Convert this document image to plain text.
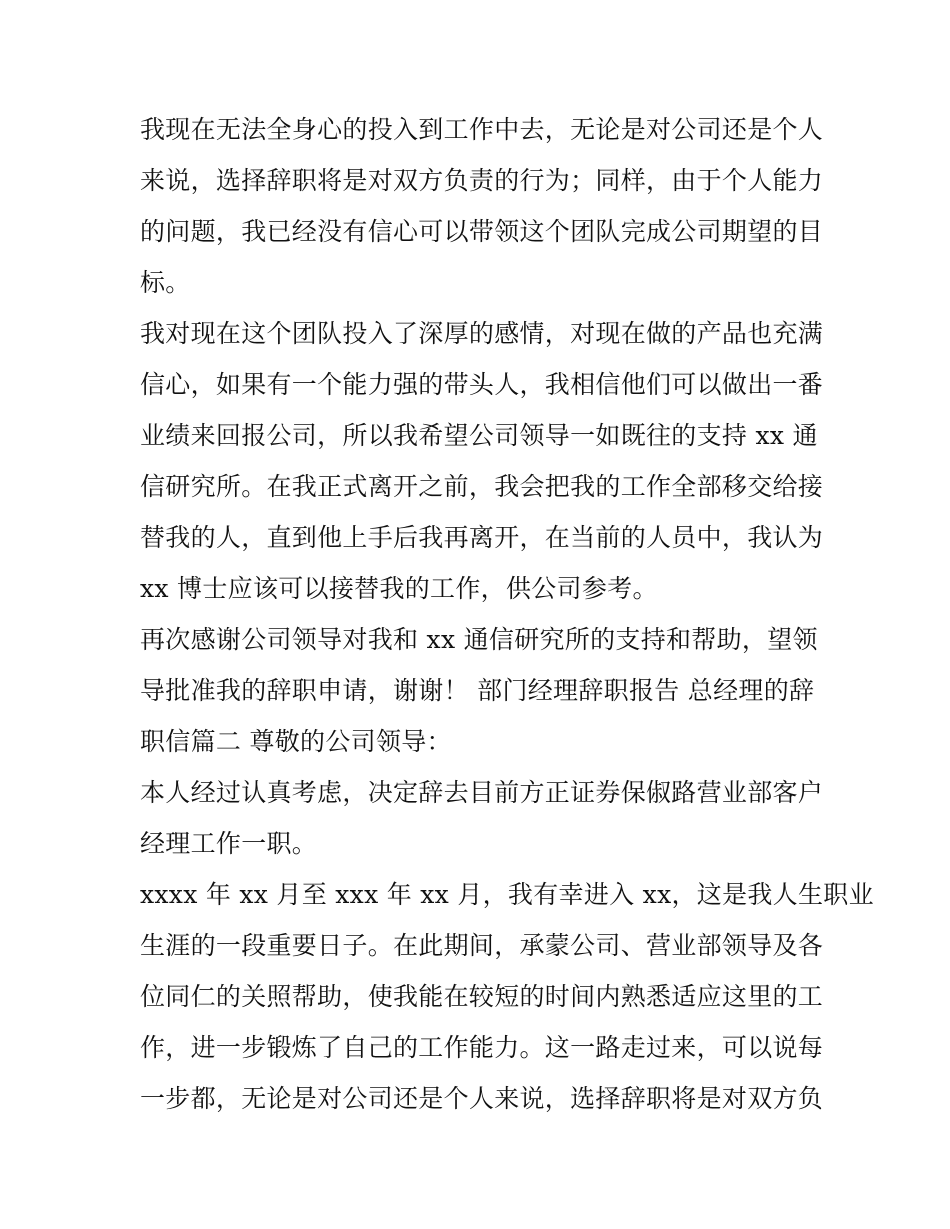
我现在无法全身心的投入到工作中去，无论是对公司还是个人
来说，选择辞职将是对双方负责的行为；同样，由于个人能力
的问题，我已经没有信心可以带领这个团队完成公司期望的目
标。
我对现在这个团队投入了深厚的感情，对现在做的产品也充满
信心，如果有一个能力强的带头人，我相信他们可以做出一番
业绩来回报公司，所以我希望公司领导一如既往的支持 xx 通
信研究所。在我正式离开之前，我会把我的工作全部移交给接
替我的人，直到他上手后我再离开，在当前的人员中，我认为
xx 博士应该可以接替我的工作，供公司参考。
再次感谢公司领导对我和 xx 通信研究所的支持和帮助，望领
导批准我的辞职申请，谢谢！ 部门经理辞职报告 总经理的辞
职信篇二 尊敬的公司领导：
本人经过认真考虑，决定辞去目前方正证券保俶路营业部客户
经理工作一职。
xxxx 年 xx 月至 xxx 年 xx 月，我有幸进入 xx，这是我人生职业
生涯的一段重要日子。在此期间，承蒙公司、营业部领导及各
位同仁的关照帮助，使我能在较短的时间内熟悉适应这里的工
作，进一步锻炼了自己的工作能力。这一路走过来，可以说每
一步都，无论是对公司还是个人来说，选择辞职将是对双方负
